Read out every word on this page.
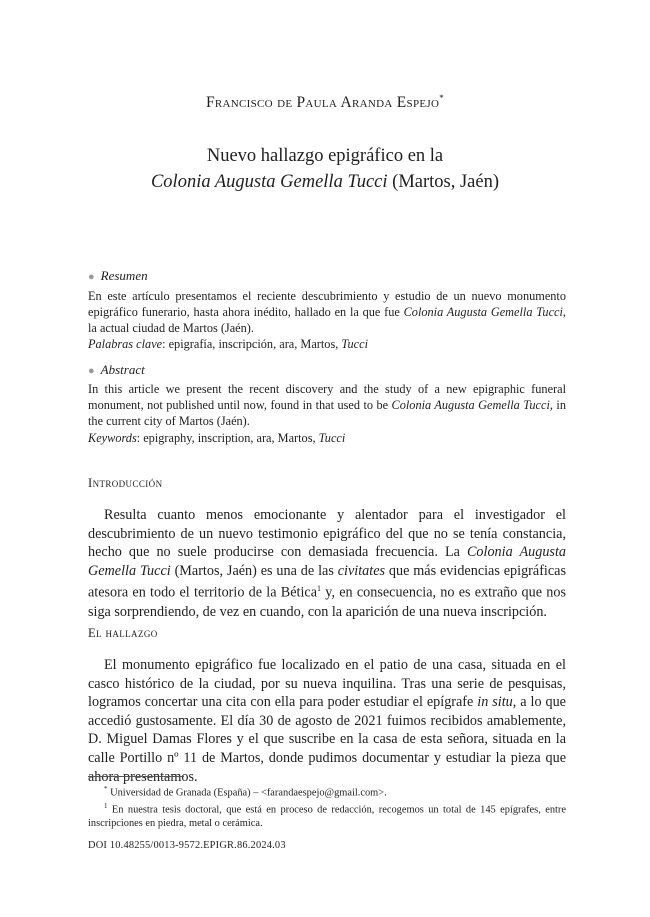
Francisco de Paula Aranda Espejo*
Nuevo hallazgo epigráfico en la
Colonia Augusta Gemella Tucci (Martos, Jaén)
● Resumen
En este artículo presentamos el reciente descubrimiento y estudio de un nuevo monumento epigráfico funerario, hasta ahora inédito, hallado en la que fue Colonia Augusta Gemella Tucci, la actual ciudad de Martos (Jaén).
Palabras clave: epigrafía, inscripción, ara, Martos, Tucci
● Abstract
In this article we present the recent discovery and the study of a new epigraphic funeral monument, not published until now, found in that used to be Colonia Augusta Gemella Tucci, in the current city of Martos (Jaén).
Keywords: epigraphy, inscription, ara, Martos, Tucci
Introducción

Resulta cuanto menos emocionante y alentador para el investigador el descubrimiento de un nuevo testimonio epigráfico del que no se tenía constancia, hecho que no suele producirse con demasiada frecuencia. La Colonia Augusta Gemella Tucci (Martos, Jaén) es una de las civitates que más evidencias epigráficas atesora en todo el territorio de la Bética$^1$ y, en consecuencia, no es extraño que nos siga sorprendiendo, de vez en cuando, con la aparición de una nueva inscripción.

El hallazgo

El monumento epigráfico fue localizado en el patio de una casa, situada en el casco histórico de la ciudad, por su nueva inquilina. Tras una serie de pesquisas, logramos concertar una cita con ella para poder estudiar el epígrafe in situ, a lo que accedió gustosamente. El día 30 de agosto de 2021 fuimos recibidos amablemente, D. Miguel Damas Flores y el que suscribe en la casa de esta señora, situada en la calle Portillo nº 11 de Martos, donde pudimos documentar y estudiar la pieza que ahora presentamos.

* Universidad de Granada (España) – <farandaespejo@gmail.com>.

$^1$ En nuestra tesis doctoral, que está en proceso de redacción, recogemos un total de 145 epígrafes, entre inscripciones en piedra, metal o cerámica.

DOI 10.48255/0013-9572.EPIGR.86.2024.03
